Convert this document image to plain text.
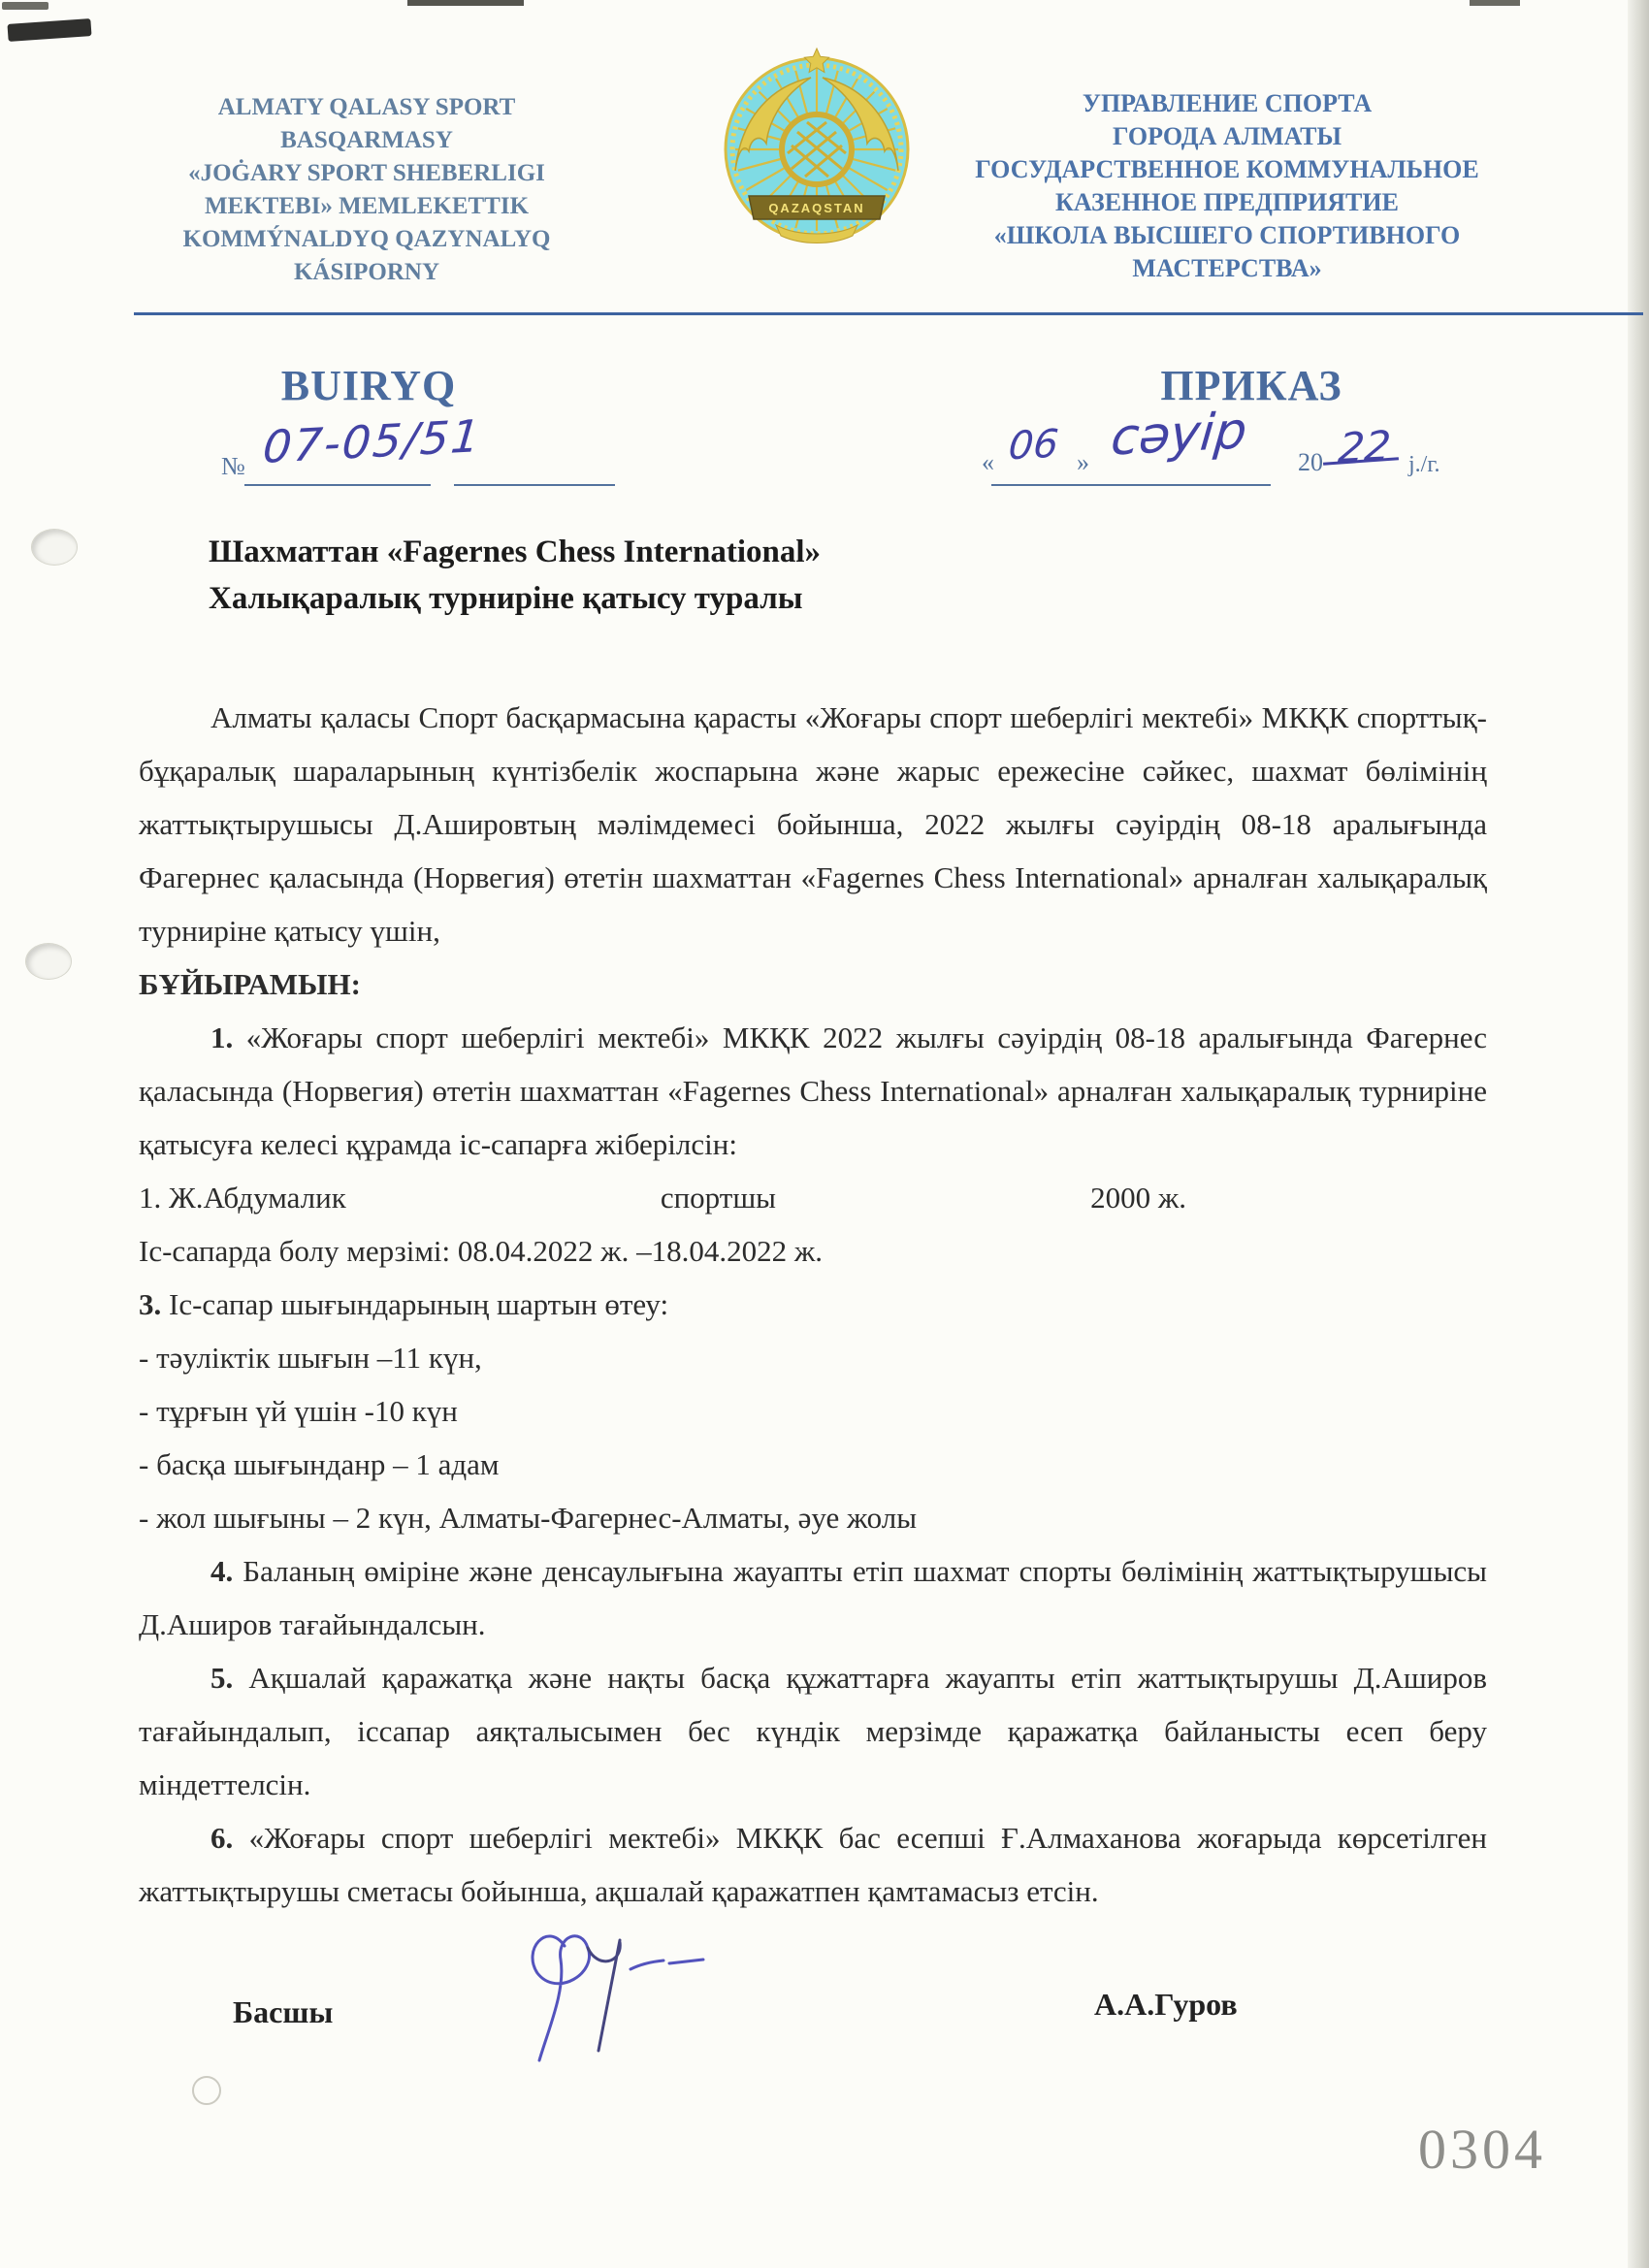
ALMATY QALASY SPORT
BASQARMASY
«JOĠARY SPORT SHEBERLIGI
MEKTEBI» MEMLEKETTIK
KOMMÝNALDYQ QAZYNALYQ
KÁSIPORNY
QAZAQSTAN
УПРАВЛЕНИЕ СПОРТА
ГОРОДА АЛМАТЫ
ГОСУДАРСТВЕННОЕ КОММУНАЛЬНОЕ
КАЗЕННОЕ ПРЕДПРИЯТИЕ
«ШКОЛА ВЫСШЕГО СПОРТИВНОГО
МАСТЕРСТВА»
BUIRYQ	ПРИКАЗ
№ 07-05/51	« 06 » сәуір 20 22 j./г.
Шахматтан «Fagernes Chess International»
Халықаралық турниріне қатысу туралы

Алматы қаласы Спорт басқармасына қарасты «Жоғары спорт шеберлігі мектебі» МКҚК спорттық-бұқаралық шараларының күнтізбелік жоспарына және жарыс ережесіне сәйкес, шахмат бөлімінің жаттықтырушысы Д.Ашировтың мәлімдемесі бойынша, 2022 жылғы сәуірдің 08-18 аралығында Фагернес қаласында (Норвегия) өтетін шахматтан «Fagernes Chess International» арналған халықаралық турниріне қатысу үшін,

БҰЙЫРАМЫН:

1. «Жоғары спорт шеберлігі мектебі» МКҚК 2022 жылғы сәуірдің 08-18 аралығында Фагернес қаласында (Норвегия) өтетін шахматтан «Fagernes Chess International» арналған халықаралық турниріне қатысуға келесі құрамда іс-сапарға жіберілсін:

1. Ж.Абдумалик	спортшы	2000 ж.

Іс-сапарда болу мерзімі: 08.04.2022 ж. –18.04.2022 ж.

3. Іс-сапар шығындарының шартын өтеу:

- тәуліктік шығын –11 күн,

- тұрғын үй үшін -10 күн

- басқа шығынданр – 1 адам

- жол шығыны – 2 күн, Алматы-Фагернес-Алматы, әуе жолы

4. Баланың өміріне және денсаулығына жауапты етіп шахмат спорты бөлімінің жаттықтырушысы Д.Аширов тағайындалсын.

5. Ақшалай қаражатқа және нақты басқа құжаттарға жауапты етіп жаттықтырушы Д.Аширов тағайындалып, іссапар аяқталысымен бес күндік мерзімде қаражатқа байланысты есеп беру міндеттелсін.

6. «Жоғары спорт шеберлігі мектебі» МКҚК бас есепші Ғ.Алмаханова жоғарыда көрсетілген жаттықтырушы сметасы бойынша, ақшалай қаражатпен қамтамасыз етсін.

Басшы	А.А.Гуров
0304
